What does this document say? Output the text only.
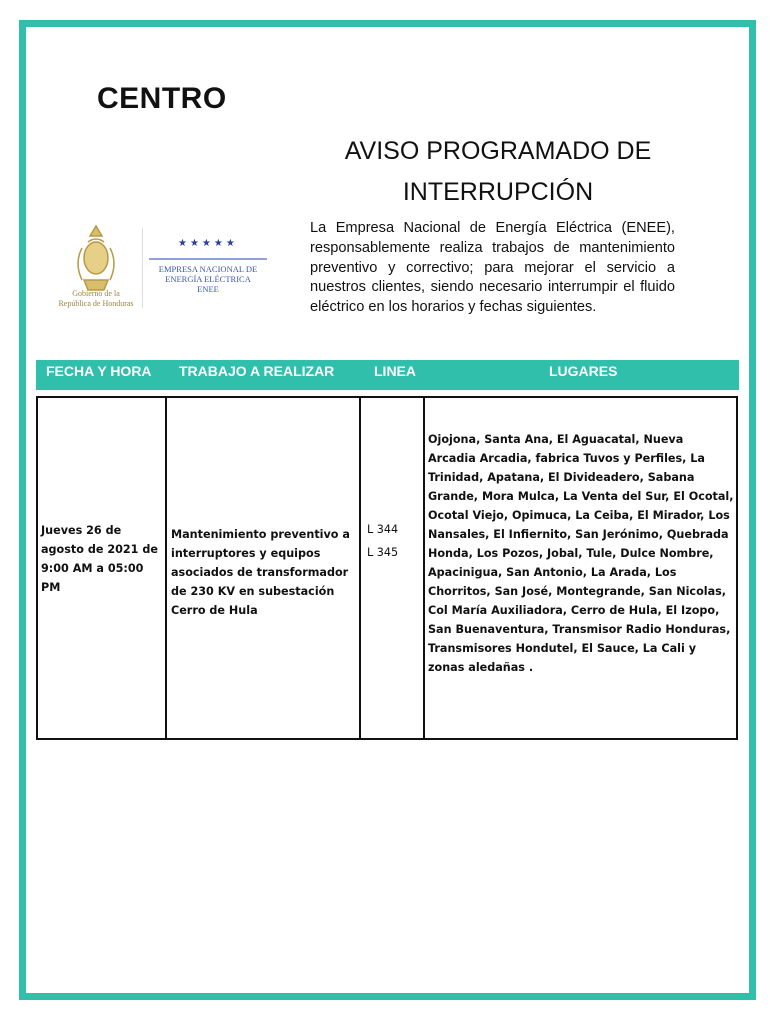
CENTRO
AVISO PROGRAMADO DE
INTERRUPCIÓN
La Empresa Nacional de Energía Eléctrica (ENEE), responsablemente realiza trabajos de mantenimiento preventivo y correctivo; para mejorar el servicio a nuestros clientes, siendo necesario interrumpir el fluido eléctrico en los horarios y fechas siguientes.
Gobierno de la
República de Honduras
★★★★★
EMPRESA NACIONAL DE
ENERGÍA ELÉCTRICA
ENEE
FECHA Y HORA TRABAJO A REALIZAR	LINEA	LUGARES
Jueves 26 de agosto de 2021 de 9:00 AM a 05:00 PM
Mantenimiento preventivo a interruptores y equipos asociados de transformador de 230 KV en subestación Cerro de Hula
L 344
L 345
Ojojona, Santa Ana, El Aguacatal, Nueva Arcadia Arcadia, fabrica Tuvos y Perfiles, La Trinidad, Apatana, El Divideadero, Sabana Grande, Mora Mulca, La Venta del Sur, El Ocotal, Ocotal Viejo, Opimuca, La Ceiba, El Mirador, Los Nansales, El Infiernito, San Jerónimo, Quebrada Honda, Los Pozos, Jobal, Tule, Dulce Nombre, Apacinigua, San Antonio, La Arada, Los Chorritos, San José, Montegrande, San Nicolas, Col María Auxiliadora, Cerro de Hula, El Izopo, San Buenaventura, Transmisor Radio Honduras, Transmisores Hondutel, El Sauce, La Cali y zonas aledañas .
